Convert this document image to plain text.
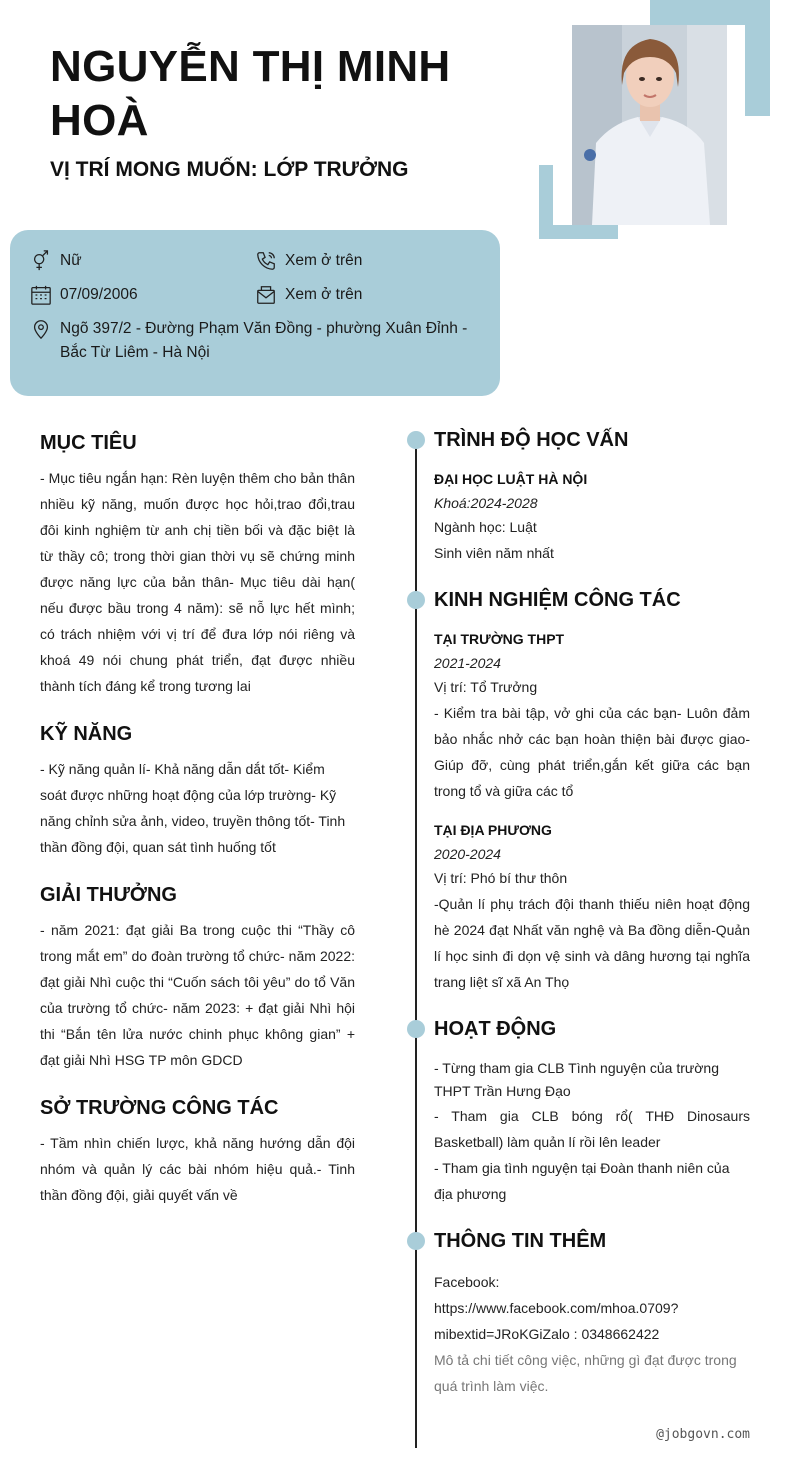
NGUYỄN THỊ MINH HOÀ
VỊ TRÍ MONG MUỐN: LỚP TRƯỞNG
Nữ	Xem ở trên
07/09/2006	Xem ở trên
Ngõ 397/2 - Đường Phạm Văn Đồng - phường Xuân Đỉnh - Bắc Từ Liêm - Hà Nội
MỤC TIÊU
- Mục tiêu ngắn hạn: Rèn luyện thêm cho bản thân nhiều kỹ năng, muốn được học hỏi,trao đổi,trau đôi kinh nghiệm từ anh chị tiền bối và đặc biệt là từ thầy cô; trong thời gian thời vụ sẽ chứng minh được năng lực của bản thân- Mục tiêu dài hạn( nếu được bầu trong 4 năm): sẽ nỗ lực hết mình; có trách nhiệm với vị trí để đưa lớp nói riêng và khoá 49 nói chung phát triển, đạt được nhiều thành tích đáng kể trong tương lai
KỸ NĂNG
- Kỹ năng quản lí- Khả năng dẫn dắt tốt- Kiểm soát được những hoạt động của lớp trường- Kỹ năng chỉnh sửa ảnh, video, truyền thông tốt- Tinh thần đồng đội, quan sát tình huống tốt
GIẢI THƯỞNG
- năm 2021: đạt giải Ba trong cuộc thi “Thầy cô trong mắt em” do đoàn trường tổ chức- năm 2022: đạt giải Nhì cuộc thi “Cuốn sách tôi yêu” do tổ Văn của trường tổ chức- năm 2023: + đạt giải Nhì hội thi “Bắn tên lửa nước chinh phục không gian” + đạt giải Nhì HSG TP môn GDCD
SỞ TRƯỜNG CÔNG TÁC
- Tầm nhìn chiến lược, khả năng hướng dẫn đội nhóm và quản lý các bài nhóm hiệu quả.- Tinh thần đồng đội, giải quyết vấn về
TRÌNH ĐỘ HỌC VẤN
ĐẠI HỌC LUẬT HÀ NỘI
Khoá:2024-2028
Ngành học: Luật
Sinh viên năm nhất
KINH NGHIỆM CÔNG TÁC
TẠI TRƯỜNG THPT
2021-2024
Vị trí: Tổ Trưởng
- Kiểm tra bài tập, vở ghi của các bạn- Luôn đảm bảo nhắc nhở các bạn hoàn thiện bài được giao- Giúp đỡ, cùng phát triển,gắn kết giữa các bạn trong tổ và giữa các tổ
TẠI ĐỊA PHƯƠNG
2020-2024
Vị trí: Phó bí thư thôn
-Quản lí phụ trách đội thanh thiếu niên hoạt động hè 2024 đạt Nhất văn nghệ và Ba đồng diễn-Quản lí học sinh đi dọn vệ sinh và dâng hương tại nghĩa trang liệt sĩ xã An Thọ
HOẠT ĐỘNG
- Từng tham gia CLB Tình nguyện của trường THPT Trần Hưng Đạo
- Tham gia CLB bóng rổ( THĐ Dinosaurs Basketball) làm quản lí rồi lên leader
- Tham gia tình nguyện tại Đoàn thanh niên của địa phương
THÔNG TIN THÊM
Facebook:
https://www.facebook.com/mhoa.0709?
mibextid=JRoKGiZalo : 0348662422
Mô tả chi tiết công việc, những gì đạt được trong quá trình làm việc.
@jobgovn.com
